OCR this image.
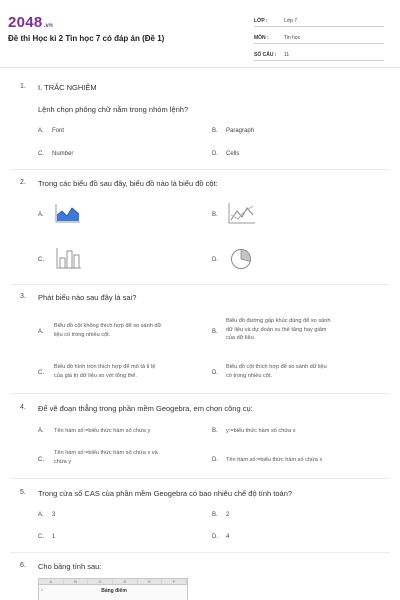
2048.vn
Đề thi Học kì 2 Tin học 7 có đáp án (Đề 1)
LỚP :	Lớp 7
MÔN :	Tin học
SỐ CÂU :	11
1. I. TRẮC NGHIỆM
Lệnh chọn phông chữ nằm trong nhóm lệnh?
A. Font	B. Paragraph
C. Number	D. Cells
2. Trong các biểu đồ sau đây, biểu đồ nào là biểu đồ cột:
A.	B.
C.	D.
3. Phát biểu nào sau đây là sai?
A.
Biểu đồ cột không thích hợp để so sánh dữ
liệu có trong nhiều cột.	B.
Biểu đồ đường gấp khúc dùng để so sánh
dữ liệu và dự đoán xu thế tăng hay giảm
của dữ liệu.
C.
Biểu đồ hình tròn thích hợp để mô tả tỉ lệ
của giá trị dữ liệu so với tổng thể.	D.
Biểu đồ cột thích hợp để so sánh dữ liệu
có trong nhiều cột.
4. Để vẽ đoạn thẳng trong phần mềm Geogebra, em chọn công cụ:
A. Tên hàm số:=biểu thức hàm số chứa y	B. y:=biểu thức hàm số chứa x
C.
Tên hàm số:=biểu thức hàm số chứa x và
chứa y	D. Tên hàm số:=biểu thức hàm số chứa x
5. Trong cửa sổ CAS của phần mềm Geogebra có bao nhiêu chế độ tính toán?
A. 3	B. 2
C. 1	D. 4
6. Cho bảng tính sau:
A	B	C	D	E	F
1	Bảng điểm
